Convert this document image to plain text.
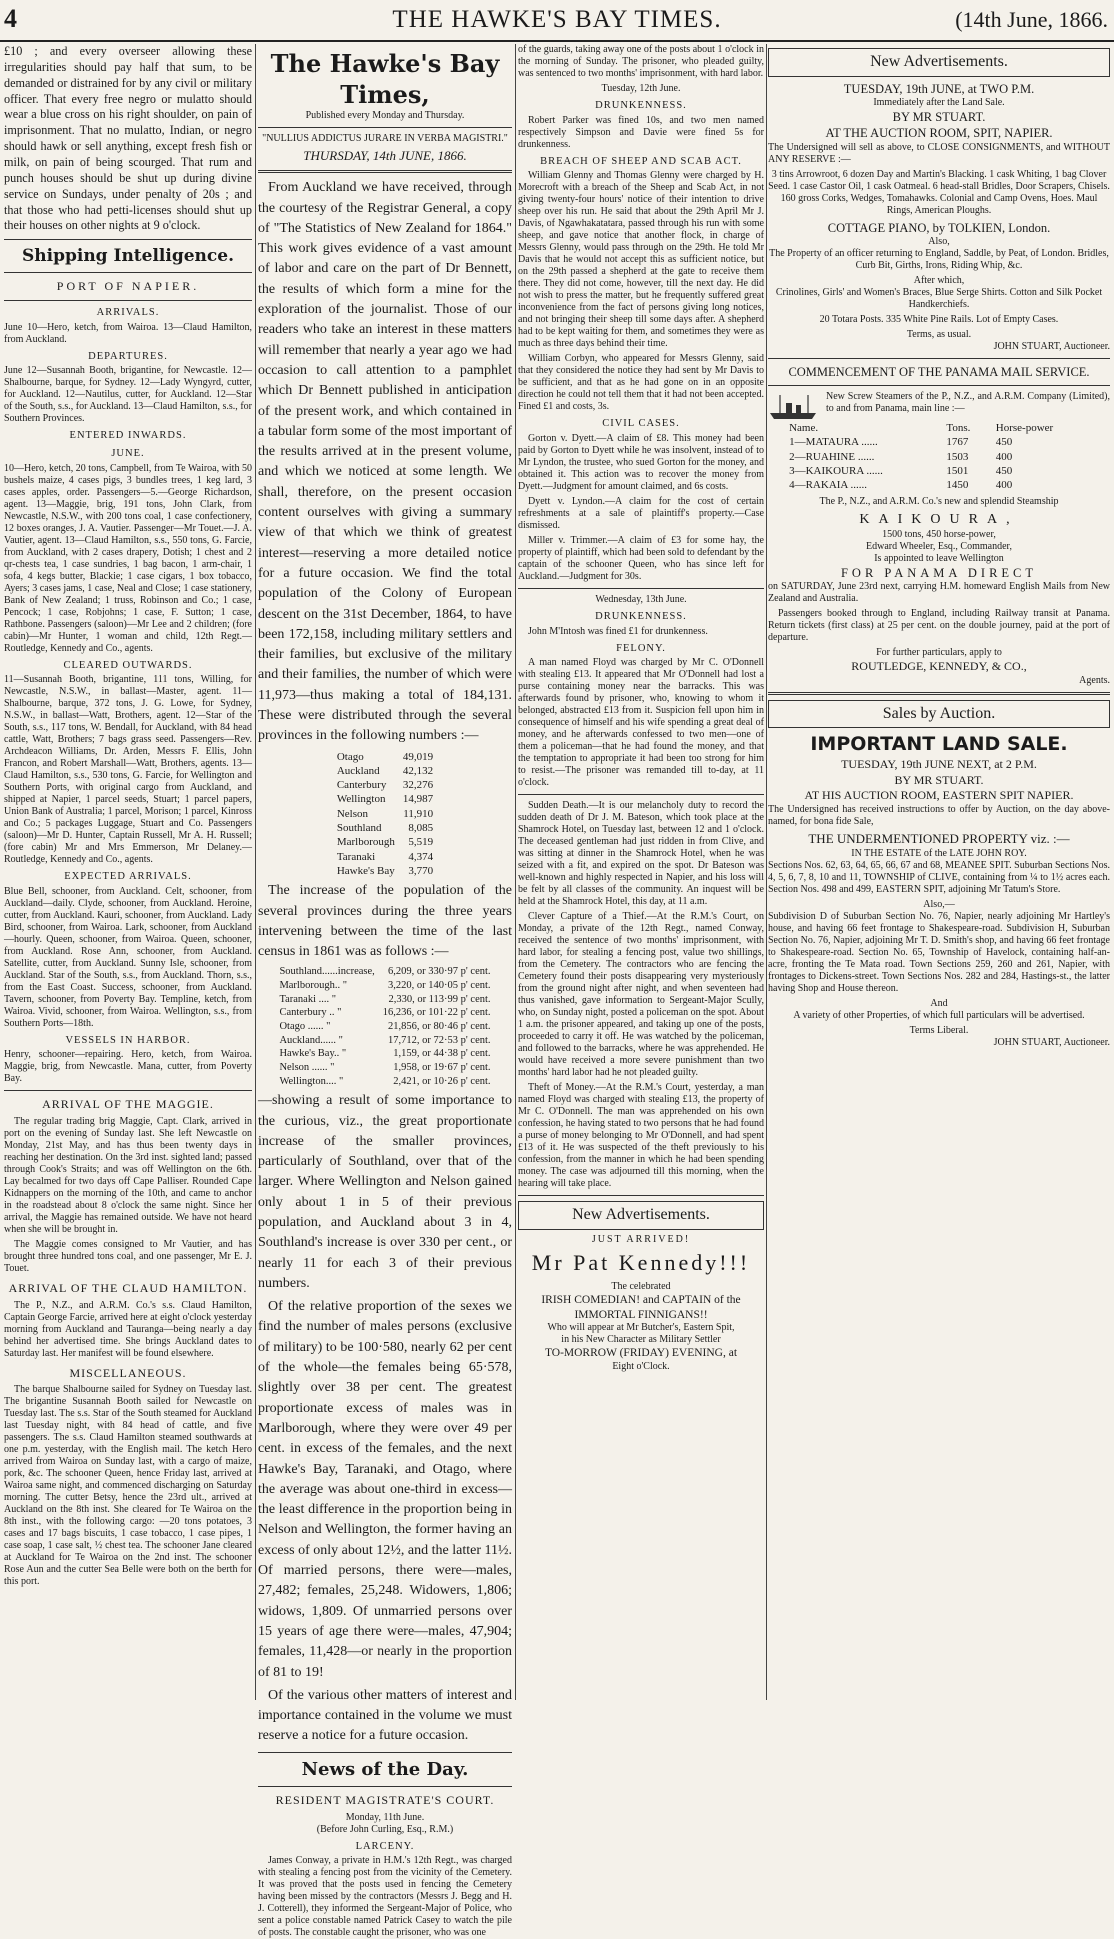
4	THE HAWKE'S BAY TIMES.	(14th June, 1866.

£10 ; and every overseer allowing these irregularities should pay half that sum, to be demanded or distrained for by any civil or military officer. That every free negro or mulatto should wear a blue cross on his right shoulder, on pain of imprisonment. That no mulatto, Indian, or negro should hawk or sell anything, except fresh fish or milk, on pain of being scourged. That rum and punch houses should be shut up during divine service on Sundays, under penalty of 20s ; and that those who had petti-licenses should shut up their houses on other nights at 9 o'clock.

Shipping Intelligence.
PORT OF NAPIER.
ARRIVALS.

June 10—Hero, ketch, from Wairoa. 13—Claud Hamilton, from Auckland.

DEPARTURES.

June 12—Susannah Booth, brigantine, for Newcastle. 12—Shalbourne, barque, for Sydney. 12—Lady Wyngyrd, cutter, for Auckland. 12—Nautilus, cutter, for Auckland. 12—Star of the South, s.s., for Auckland. 13—Claud Hamilton, s.s., for Southern Provinces.

ENTERED INWARDS.
JUNE.

10—Hero, ketch, 20 tons, Campbell, from Te Wairoa, with 50 bushels maize, 4 cases pigs, 3 bundles trees, 1 keg lard, 3 cases apples, order. Passengers—5.—George Richardson, agent. 13—Maggie, brig, 191 tons, John Clark, from Newcastle, N.S.W., with 200 tons coal, 1 case confectionery, 12 boxes oranges, J. A. Vautier. Passenger—Mr Touet.—J. A. Vautier, agent. 13—Claud Hamilton, s.s., 550 tons, G. Farcie, from Auckland, with 2 cases drapery, Dotish; 1 chest and 2 qr-chests tea, 1 case sundries, 1 bag bacon, 1 arm-chair, 1 sofa, 4 kegs butter, Blackie; 1 case cigars, 1 box tobacco, Ayers; 3 cases jams, 1 case, Neal and Close; 1 case stationery, Bank of New Zealand; 1 truss, Robinson and Co.; 1 case, Pencock; 1 case, Robjohns; 1 case, F. Sutton; 1 case, Rathbone. Passengers (saloon)—Mr Lee and 2 children; (fore cabin)—Mr Hunter, 1 woman and child, 12th Regt.—Routledge, Kennedy and Co., agents.

CLEARED OUTWARDS.

11—Susannah Booth, brigantine, 111 tons, Willing, for Newcastle, N.S.W., in ballast—Master, agent. 11—Shalbourne, barque, 372 tons, J. G. Lowe, for Sydney, N.S.W., in ballast—Watt, Brothers, agent. 12—Star of the South, s.s., 117 tons, W. Bendall, for Auckland, with 84 head cattle, Watt, Brothers; 7 bags grass seed. Passengers—Rev. Archdeacon Williams, Dr. Arden, Messrs F. Ellis, John Francon, and Robert Marshall—Watt, Brothers, agents. 13—Claud Hamilton, s.s., 530 tons, G. Farcie, for Wellington and Southern Ports, with original cargo from Auckland, and shipped at Napier, 1 parcel seeds, Stuart; 1 parcel papers, Union Bank of Australia; 1 parcel, Morison; 1 parcel, Kinross and Co.; 5 packages Luggage, Stuart and Co. Passengers (saloon)—Mr D. Hunter, Captain Russell, Mr A. H. Russell; (fore cabin) Mr and Mrs Emmerson, Mr Delaney.—Routledge, Kennedy and Co., agents.

EXPECTED ARRIVALS.

Blue Bell, schooner, from Auckland. Celt, schooner, from Auckland—daily. Clyde, schooner, from Auckland. Heroine, cutter, from Auckland. Kauri, schooner, from Auckland. Lady Bird, schooner, from Wairoa. Lark, schooner, from Auckland—hourly. Queen, schooner, from Wairoa. Queen, schooner, from Auckland. Rose Ann, schooner, from Auckland. Satellite, cutter, from Auckland. Sunny Isle, schooner, from Auckland. Star of the South, s.s., from Auckland. Thorn, s.s., from the East Coast. Success, schooner, from Auckland. Tavern, schooner, from Poverty Bay. Templine, ketch, from Wairoa. Vivid, schooner, from Wairoa. Wellington, s.s., from Southern Ports—18th.

VESSELS IN HARBOR.

Henry, schooner—repairing. Hero, ketch, from Wairoa. Maggie, brig, from Newcastle. Mana, cutter, from Poverty Bay.

ARRIVAL OF THE MAGGIE.

The regular trading brig Maggie, Capt. Clark, arrived in port on the evening of Sunday last. She left Newcastle on Monday, 21st May, and has thus been twenty days in reaching her destination. On the 3rd inst. sighted land; passed through Cook's Straits; and was off Wellington on the 6th. Lay becalmed for two days off Cape Palliser. Rounded Cape Kidnappers on the morning of the 10th, and came to anchor in the roadstead about 8 o'clock the same night. Since her arrival, the Maggie has remained outside. We have not heard when she will be brought in.

The Maggie comes consigned to Mr Vautier, and has brought three hundred tons coal, and one passenger, Mr E. J. Touet.

ARRIVAL OF THE CLAUD HAMILTON.

The P., N.Z., and A.R.M. Co.'s s.s. Claud Hamilton, Captain George Farcie, arrived here at eight o'clock yesterday morning from Auckland and Tauranga—being nearly a day behind her advertised time. She brings Auckland dates to Saturday last. Her manifest will be found elsewhere.

MISCELLANEOUS.

The barque Shalbourne sailed for Sydney on Tuesday last. The brigantine Susannah Booth sailed for Newcastle on Tuesday last. The s.s. Star of the South steamed for Auckland last Tuesday night, with 84 head of cattle, and five passengers. The s.s. Claud Hamilton steamed southwards at one p.m. yesterday, with the English mail. The ketch Hero arrived from Wairoa on Sunday last, with a cargo of maize, pork, &c. The schooner Queen, hence Friday last, arrived at Wairoa same night, and commenced discharging on Saturday morning. The cutter Betsy, hence the 23rd ult., arrived at Auckland on the 8th inst. She cleared for Te Wairoa on the 8th inst., with the following cargo: —20 tons potatoes, 3 cases and 17 bags biscuits, 1 case tobacco, 1 case pipes, 1 case soap, 1 case salt, ½ chest tea. The schooner Jane cleared at Auckland for Te Wairoa on the 2nd inst. The schooner Rose Aun and the cutter Sea Belle were both on the berth for this port.

The Hawke's Bay Times,
Published every Monday and Thursday.
"NULLIUS ADDICTUS JURARE IN VERBA MAGISTRI."
THURSDAY, 14th JUNE, 1866.

From Auckland we have received, through the courtesy of the Registrar General, a copy of "The Statistics of New Zealand for 1864." This work gives evidence of a vast amount of labor and care on the part of Dr Bennett, the results of which form a mine for the exploration of the journalist. Those of our readers who take an interest in these matters will remember that nearly a year ago we had occasion to call attention to a pamphlet which Dr Bennett published in anticipation of the present work, and which contained in a tabular form some of the most important of the results arrived at in the present volume, and which we noticed at some length. We shall, therefore, on the present occasion content ourselves with giving a summary view of that which we think of greatest interest—reserving a more detailed notice for a future occasion. We find the total population of the Colony of European descent on the 31st December, 1864, to have been 172,158, including military settlers and their families, but exclusive of the military and their families, the number of which were 11,973—thus making a total of 184,131. These were distributed through the several provinces in the following numbers :—

Otago	49,019
Auckland	42,132
Canterbury	32,276
Wellington	14,987
Nelson	11,910
Southland	8,085
Marlborough	5,519
Taranaki	4,374
Hawke's Bay	3,770

The increase of the population of the several provinces during the three years intervening between the time of the last census in 1861 was as follows :—

Southland......increase,	6,209, or 330·97 p' cent.
Marlborough.. "	3,220, or 140·05 p' cent.
Taranaki .... "	2,330, or 113·99 p' cent.
Canterbury .. "	16,236, or 101·22 p' cent.
Otago ...... "	21,856, or 80·46 p' cent.
Auckland...... "	17,712, or 72·53 p' cent.
Hawke's Bay.. "	1,159, or 44·38 p' cent.
Nelson ...... "	1,958, or 19·67 p' cent.
Wellington.... "	2,421, or 10·26 p' cent.

—showing a result of some importance to the curious, viz., the great proportionate increase of the smaller provinces, particularly of Southland, over that of the larger. Where Wellington and Nelson gained only about 1 in 5 of their previous population, and Auckland about 3 in 4, Southland's increase is over 330 per cent., or nearly 11 for each 3 of their previous numbers.

Of the relative proportion of the sexes we find the number of males persons (exclusive of military) to be 100·580, nearly 62 per cent of the whole—the females being 65·578, slightly over 38 per cent. The greatest proportionate excess of males was in Marlborough, where they were over 49 per cent. in excess of the females, and the next Hawke's Bay, Taranaki, and Otago, where the average was about one-third in excess—the least difference in the proportion being in Nelson and Wellington, the former having an excess of only about 12½, and the latter 11½. Of married persons, there were—males, 27,482; females, 25,248. Widowers, 1,806; widows, 1,809. Of unmarried persons over 15 years of age there were—males, 47,904; females, 11,428—or nearly in the proportion of 81 to 19!

Of the various other matters of interest and importance contained in the volume we must reserve a notice for a future occasion.

News of the Day.
RESIDENT MAGISTRATE'S COURT.
Monday, 11th June.
(Before John Curling, Esq., R.M.)
LARCENY.

James Conway, a private in H.M.'s 12th Regt., was charged with stealing a fencing post from the vicinity of the Cemetery. It was proved that the posts used in fencing the Cemetery having been missed by the contractors (Messrs J. Begg and H. J. Cotterell), they informed the Sergeant-Major of Police, who sent a police constable named Patrick Casey to watch the pile of posts. The constable caught the prisoner, who was one

of the guards, taking away one of the posts about 1 o'clock in the morning of Sunday. The prisoner, who pleaded guilty, was sentenced to two months' imprisonment, with hard labor.

Tuesday, 12th June.
DRUNKENNESS.

Robert Parker was fined 10s, and two men named respectively Simpson and Davie were fined 5s for drunkenness.

BREACH OF SHEEP AND SCAB ACT.

William Glenny and Thomas Glenny were charged by H. Morecroft with a breach of the Sheep and Scab Act, in not giving twenty-four hours' notice of their intention to drive sheep over his run. He said that about the 29th April Mr J. Davis, of Ngawhakatatara, passed through his run with some sheep, and gave notice that another flock, in charge of Messrs Glenny, would pass through on the 29th. He told Mr Davis that he would not accept this as sufficient notice, but on the 29th passed a shepherd at the gate to receive them there. They did not come, however, till the next day. He did not wish to press the matter, but he frequently suffered great inconvenience from the fact of persons giving long notices, and not bringing their sheep till some days after. A shepherd had to be kept waiting for them, and sometimes they were as much as three days behind their time.

William Corbyn, who appeared for Messrs Glenny, said that they considered the notice they had sent by Mr Davis to be sufficient, and that as he had gone on in an opposite direction he could not tell them that it had not been accepted. Fined £1 and costs, 3s.

CIVIL CASES.

Gorton v. Dyett.—A claim of £8. This money had been paid by Gorton to Dyett while he was insolvent, instead of to Mr Lyndon, the trustee, who sued Gorton for the money, and obtained it. This action was to recover the money from Dyett.—Judgment for amount claimed, and 6s costs.

Dyett v. Lyndon.—A claim for the cost of certain refreshments at a sale of plaintiff's property.—Case dismissed.

Miller v. Trimmer.—A claim of £3 for some hay, the property of plaintiff, which had been sold to defendant by the captain of the schooner Queen, who has since left for Auckland.—Judgment for 30s.

Wednesday, 13th June.
DRUNKENNESS.

John M'Intosh was fined £1 for drunkenness.

FELONY.

A man named Floyd was charged by Mr C. O'Donnell with stealing £13. It appeared that Mr O'Donnell had lost a purse containing money near the barracks. This was afterwards found by prisoner, who, knowing to whom it belonged, abstracted £13 from it. Suspicion fell upon him in consequence of himself and his wife spending a great deal of money, and he afterwards confessed to two men—one of them a policeman—that he had found the money, and that the temptation to appropriate it had been too strong for him to resist.—The prisoner was remanded till to-day, at 11 o'clock.

Sudden Death.—It is our melancholy duty to record the sudden death of Dr J. M. Bateson, which took place at the Shamrock Hotel, on Tuesday last, between 12 and 1 o'clock. The deceased gentleman had just ridden in from Clive, and was sitting at dinner in the Shamrock Hotel, when he was seized with a fit, and expired on the spot. Dr Bateson was well-known and highly respected in Napier, and his loss will be felt by all classes of the community. An inquest will be held at the Shamrock Hotel, this day, at 11 a.m.

Clever Capture of a Thief.—At the R.M.'s Court, on Monday, a private of the 12th Regt., named Conway, received the sentence of two months' imprisonment, with hard labor, for stealing a fencing post, value two shillings, from the Cemetery. The contractors who are fencing the Cemetery found their posts disappearing very mysteriously from the ground night after night, and when seventeen had thus vanished, gave information to Sergeant-Major Scully, who, on Sunday night, posted a policeman on the spot. About 1 a.m. the prisoner appeared, and taking up one of the posts, proceeded to carry it off. He was watched by the policeman, and followed to the barracks, where he was apprehended. He would have received a more severe punishment than two months' hard labor had he not pleaded guilty.

Theft of Money.—At the R.M.'s Court, yesterday, a man named Floyd was charged with stealing £13, the property of Mr C. O'Donnell. The man was apprehended on his own confession, he having stated to two persons that he had found a purse of money belonging to Mr O'Donnell, and had spent £13 of it. He was suspected of the theft previously to his confession, from the manner in which he had been spending money. The case was adjourned till this morning, when the hearing will take place.

New Advertisements.
JUST ARRIVED!
Mr Pat Kennedy!!!
The celebrated
IRISH COMEDIAN! and CAPTAIN of the
IMMORTAL FINNIGANS!!
Who will appear at Mr Butcher's, Eastern Spit,
in his New Character as Military Settler
TO-MORROW (FRIDAY) EVENING, at
Eight o'Clock.
New Advertisements.
TUESDAY, 19th JUNE, at TWO P.M.
Immediately after the Land Sale.
BY MR STUART.
AT THE AUCTION ROOM, SPIT, NAPIER.

The Undersigned will sell as above, to CLOSE CONSIGNMENTS, and WITHOUT ANY RESERVE :—

3 tins Arrowroot, 6 dozen Day and Martin's Blacking. 1 cask Whiting, 1 bag Clover Seed. 1 case Castor Oil, 1 cask Oatmeal. 6 head-stall Bridles, Door Scrapers, Chisels. 160 gross Corks, Wedges, Tomahawks. Colonial and Camp Ovens, Hoes. Maul Rings, American Ploughs.

COTTAGE PIANO, by TOLKIEN, London.
Also,

The Property of an officer returning to England, Saddle, by Peat, of London. Bridles, Curb Bit, Girths, Irons, Riding Whip, &c.

After which,

Crinolines, Girls' and Women's Braces, Blue Serge Shirts. Cotton and Silk Pocket Handkerchiefs.

20 Totara Posts. 335 White Pine Rails. Lot of Empty Cases.

Terms, as usual.
JOHN STUART, Auctioneer.
COMMENCEMENT OF THE PANAMA MAIL SERVICE.

New Screw Steamers of the P., N.Z., and A.R.M. Company (Limited), to and from Panama, main line :—

Name.	Tons.	Horse-power
1—MATAURA ......	1767	450
2—RUAHINE ......	1503	400
3—KAIKOURA ......	1501	450
4—RAKAIA ......	1450	400

The P., N.Z., and A.R.M. Co.'s new and splendid Steamship

KAIKOURA,
1500 tons, 450 horse-power,
Edward Wheeler, Esq., Commander,
Is appointed to leave Wellington
FOR PANAMA DIRECT

on SATURDAY, June 23rd next, carrying H.M. homeward English Mails from New Zealand and Australia.

Passengers booked through to England, including Railway transit at Panama. Return tickets (first class) at 25 per cent. on the double journey, paid at the port of departure.

For further particulars, apply to
ROUTLEDGE, KENNEDY, & CO.,
Agents.
Sales by Auction.
IMPORTANT LAND SALE.
TUESDAY, 19th JUNE NEXT, at 2 P.M.
BY MR STUART.
AT HIS AUCTION ROOM, EASTERN SPIT NAPIER.

The Undersigned has received instructions to offer by Auction, on the day above-named, for bona fide Sale,

THE UNDERMENTIONED PROPERTY viz. :—
IN THE ESTATE of the LATE JOHN ROY.

Sections Nos. 62, 63, 64, 65, 66, 67 and 68, MEANEE SPIT. Suburban Sections Nos. 4, 5, 6, 7, 8, 10 and 11, TOWNSHIP of CLIVE, containing from ¼ to 1½ acres each. Section Nos. 498 and 499, EASTERN SPIT, adjoining Mr Tatum's Store.

Also,—

Subdivision D of Suburban Section No. 76, Napier, nearly adjoining Mr Hartley's house, and having 66 feet frontage to Shakespeare-road. Subdivision H, Suburban Section No. 76, Napier, adjoining Mr T. D. Smith's shop, and having 66 feet frontage to Shakespeare-road. Section No. 65, Township of Havelock, containing half-an-acre, fronting the Te Mata road. Town Sections 259, 260 and 261, Napier, with frontages to Dickens-street. Town Sections Nos. 282 and 284, Hastings-st., the latter having Shop and House thereon.

And

A variety of other Properties, of which full particulars will be advertised.

Terms Liberal.
JOHN STUART, Auctioneer.
